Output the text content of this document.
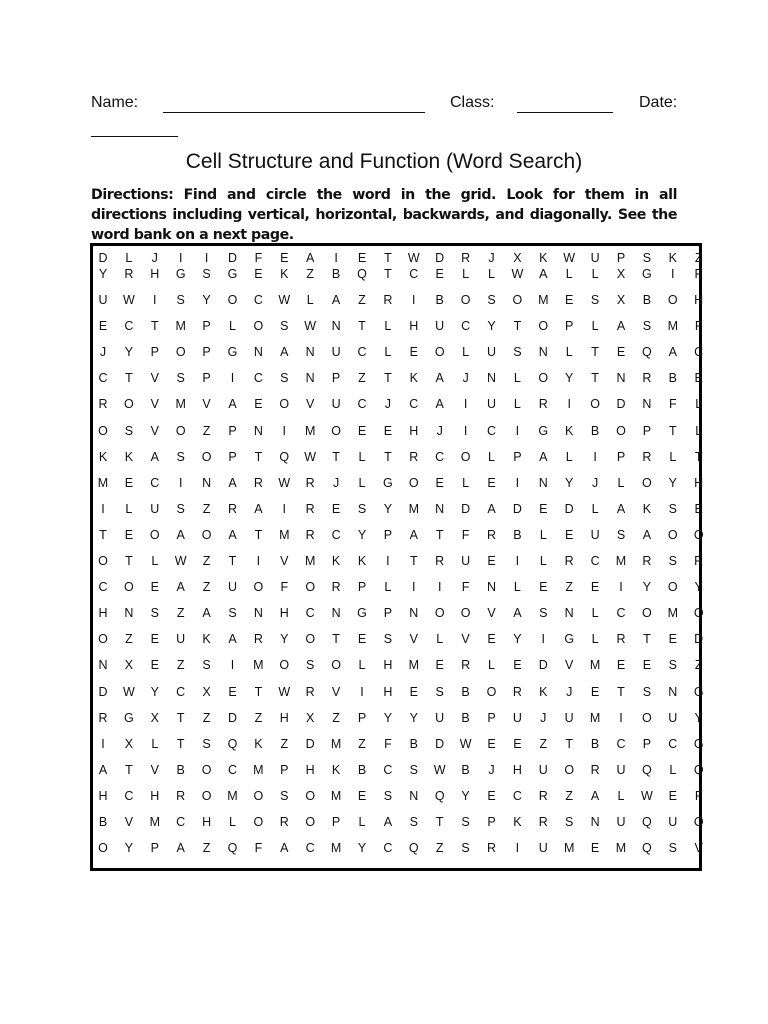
Name:	Class:	Date:
Cell Structure and Function (Word Search)
Directions: Find and circle the word in the grid. Look for them in all directions including vertical, horizontal, backwards, and diagonally. See the word bank on a next page.
D	L	J	I	I	D	F	E	A	I	E	T	W	D	R	J	X	K	W	U	P	S	K	Z
Y	R	H	G	S	G	E	K	Z	B	Q	T	C	E	L	L	W	A	L	L	X	G	I	P
U	W	I	S	Y	O	C	W	L	A	Z	R	I	B	O	S	O	M	E	S	X	B	O	H
E	C	T	M	P	L	O	S	W	N	T	L	H	U	C	Y	T	O	P	L	A	S	M	F
J	Y	P	O	P	G	N	A	N	U	C	L	E	O	L	U	S	N	L	T	E	Q	A	C
C	T	V	S	P	I	C	S	N	P	Z	T	K	A	J	N	L	O	Y	T	N	R	B	E
R	O	V	M	V	A	E	O	V	U	C	J	C	A	I	U	L	R	I	O	D	N	F	L
O	S	V	O	Z	P	N	I	M	O	E	E	H	J	I	C	I	G	K	B	O	P	T	L
K	K	A	S	O	P	T	Q	W	T	L	T	R	C	O	L	P	A	L	I	P	R	L	T
M	E	C	I	N	A	R	W	R	J	L	G	O	E	L	E	I	N	Y	J	L	O	Y	H
I	L	U	S	Z	R	A	I	R	E	S	Y	M	N	D	A	D	E	D	L	A	K	S	E
T	E	O	A	O	A	T	M	R	C	Y	P	A	T	F	R	B	L	E	U	S	A	O	O
O	T	L	W	Z	T	I	V	M	K	K	I	T	R	U	E	I	L	R	C	M	R	S	R
C	O	E	A	Z	U	O	F	O	R	P	L	I	I	F	N	L	E	Z	E	I	Y	O	Y
H	N	S	Z	A	S	N	H	C	N	G	P	N	O	O	V	A	S	N	L	C	O	M	O
O	Z	E	U	K	A	R	Y	O	T	E	S	V	L	V	E	Y	I	G	L	R	T	E	D
N	X	E	Z	S	I	M	O	S	O	L	H	M	E	R	L	E	D	V	M	E	E	S	Z
D	W	Y	C	X	E	T	W	R	V	I	H	E	S	B	O	R	K	J	E	T	S	N	G
R	G	X	T	Z	D	Z	H	X	Z	P	Y	Y	U	B	P	U	J	U	M	I	O	U	Y
I	X	L	T	S	Q	K	Z	D	M	Z	F	B	D	W	E	E	Z	T	B	C	P	C	G
A	T	V	B	O	C	M	P	H	K	B	C	S	W	B	J	H	U	O	R	U	Q	L	Q
H	C	H	R	O	M	O	S	O	M	E	S	N	Q	Y	E	C	R	Z	A	L	W	E	F
B	V	M	C	H	L	O	R	O	P	L	A	S	T	S	P	K	R	S	N	U	Q	U	O
O	Y	P	A	Z	Q	F	A	C	M	Y	C	Q	Z	S	R	I	U	M	E	M	Q	S	V
